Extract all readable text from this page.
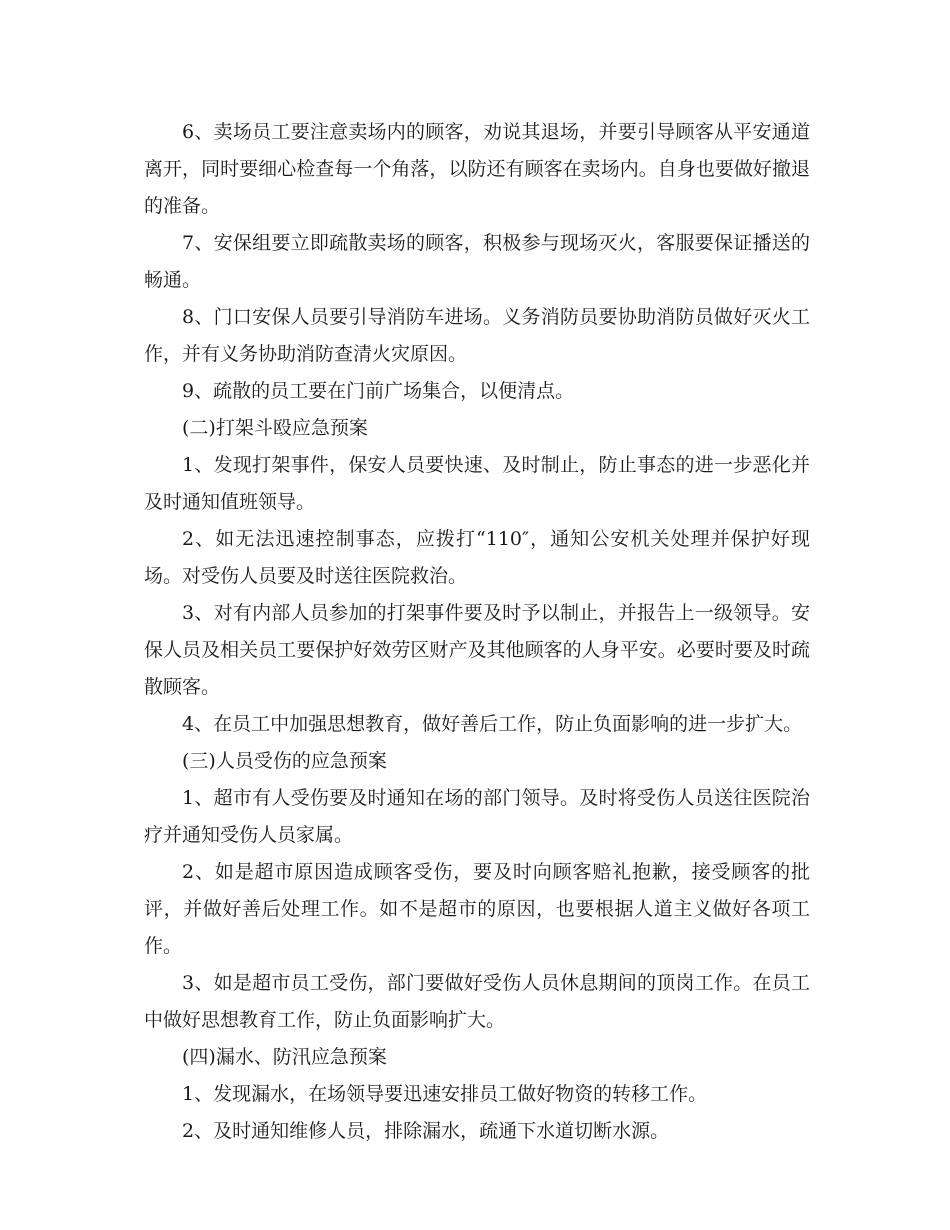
6、卖场员工要注意卖场内的顾客，劝说其退场，并要引导顾客从平安通道离开，同时要细心检查每一个角落，以防还有顾客在卖场内。自身也要做好撤退的准备。

7、安保组要立即疏散卖场的顾客，积极参与现场灭火，客服要保证播送的畅通。

8、门口安保人员要引导消防车进场。义务消防员要协助消防员做好灭火工作，并有义务协助消防查清火灾原因。

9、疏散的员工要在门前广场集合，以便清点。

(二)打架斗殴应急预案

1、发现打架事件，保安人员要快速、及时制止，防止事态的进一步恶化并及时通知值班领导。

2、如无法迅速控制事态，应拨打“110″，通知公安机关处理并保护好现场。对受伤人员要及时送往医院救治。

3、对有内部人员参加的打架事件要及时予以制止，并报告上一级领导。安保人员及相关员工要保护好效劳区财产及其他顾客的人身平安。必要时要及时疏散顾客。

4、在员工中加强思想教育，做好善后工作，防止负面影响的进一步扩大。

(三)人员受伤的应急预案

1、超市有人受伤要及时通知在场的部门领导。及时将受伤人员送往医院治疗并通知受伤人员家属。

2、如是超市原因造成顾客受伤，要及时向顾客赔礼抱歉，接受顾客的批评，并做好善后处理工作。如不是超市的原因，也要根据人道主义做好各项工作。

3、如是超市员工受伤，部门要做好受伤人员休息期间的顶岗工作。在员工中做好思想教育工作，防止负面影响扩大。

(四)漏水、防汛应急预案

1、发现漏水，在场领导要迅速安排员工做好物资的转移工作。

2、及时通知维修人员，排除漏水，疏通下水道切断水源。
